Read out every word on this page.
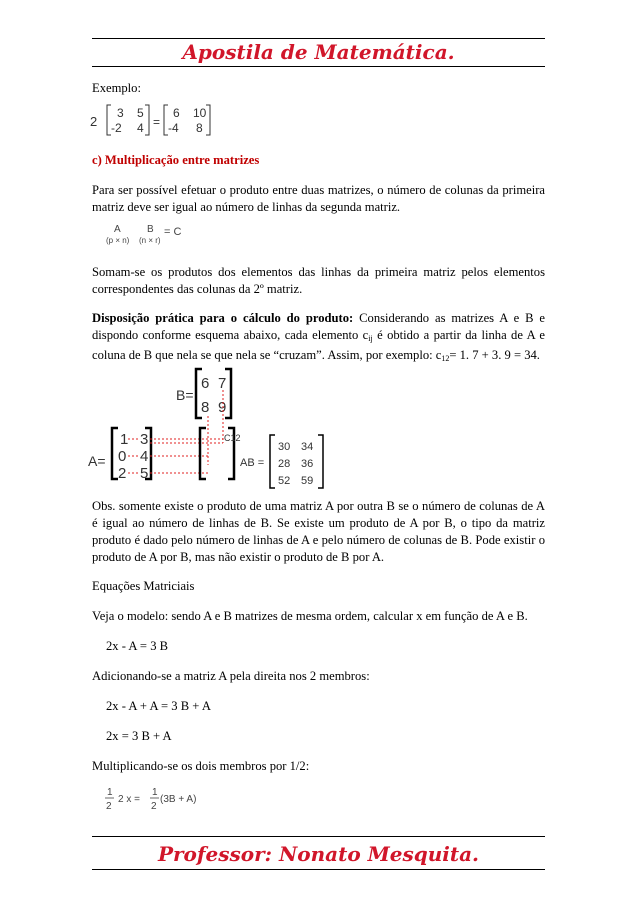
Apostila de Matemática.

Exemplo:

2
3 5
-2 4 =
6 10
-4 8

c) Multiplicação entre matrizes

Para ser possível efetuar o produto entre duas matrizes, o número de colunas da primeira matriz deve ser igual ao número de linhas da segunda matriz.

A
(p × n)
B
(n × r)
= C

Somam-se os produtos dos elementos das linhas da primeira matriz pelos elementos correspondentes das colunas da 2º matriz.

Disposição prática para o cálculo do produto: Considerando as matrizes A e B e dispondo conforme esquema abaixo, cada elemento $c_{ij}$ é obtido a partir da linha de A e coluna de B que nela se que nela se “cruzam”. Assim, por exemplo: $c_{12}= 1$. 7 + 3. 9 = 34.

B=
6 7
8 9
A=
1 3
0 4
2 5
C12
AB =
30 34
28 36
52 59

Obs. somente existe o produto de uma matriz A por outra B se o número de colunas de A é igual ao número de linhas de B. Se existe um produto de A por B, o tipo da matriz produto é dado pelo número de linhas de A e pelo número de colunas de B. Pode existir o produto de A por B, mas não existir o produto de B por A.

Equações Matriciais

Veja o modelo: sendo A e B matrizes de mesma ordem, calcular x em função de A e B.

2x - A = 3 B

Adicionando-se a matriz A pela direita nos 2 membros:

2x - A + A = 3 B + A

2x = 3 B + A

Multiplicando-se os dois membros por 1/2:

1
2
2 x =
1
2
(3B + A)
Professor: Nonato Mesquita.
